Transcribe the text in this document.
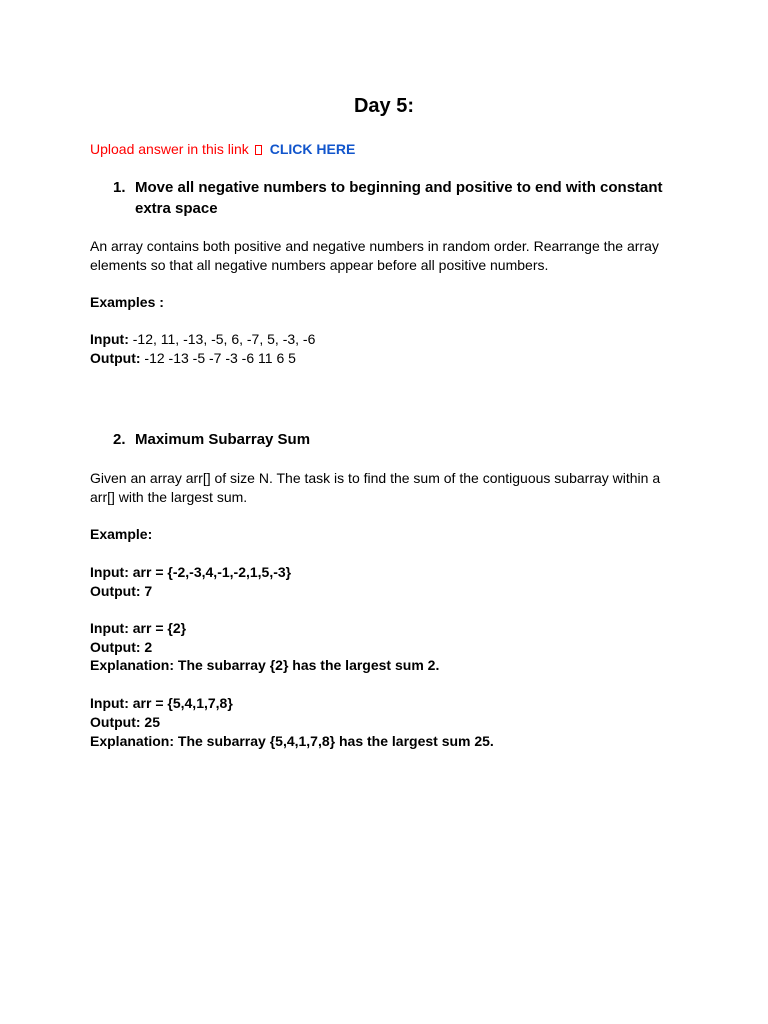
Day 5:
Upload answer in this link CLICK HERE
1. Move all negative numbers to beginning and positive to end with constant extra space
An array contains both positive and negative numbers in random order. Rearrange the array elements so that all negative numbers appear before all positive numbers.
Examples :
Input: -12, 11, -13, -5, 6, -7, 5, -3, -6
Output: -12 -13 -5 -7 -3 -6 11 6 5
2. Maximum Subarray Sum
Given an array arr[] of size N. The task is to find the sum of the contiguous subarray within a arr[] with the largest sum.
Example:
Input: arr = {-2,-3,4,-1,-2,1,5,-3}
Output: 7
Input: arr = {2}
Output: 2
Explanation: The subarray {2} has the largest sum 2.
Input: arr = {5,4,1,7,8}
Output: 25
Explanation: The subarray {5,4,1,7,8} has the largest sum 25.
